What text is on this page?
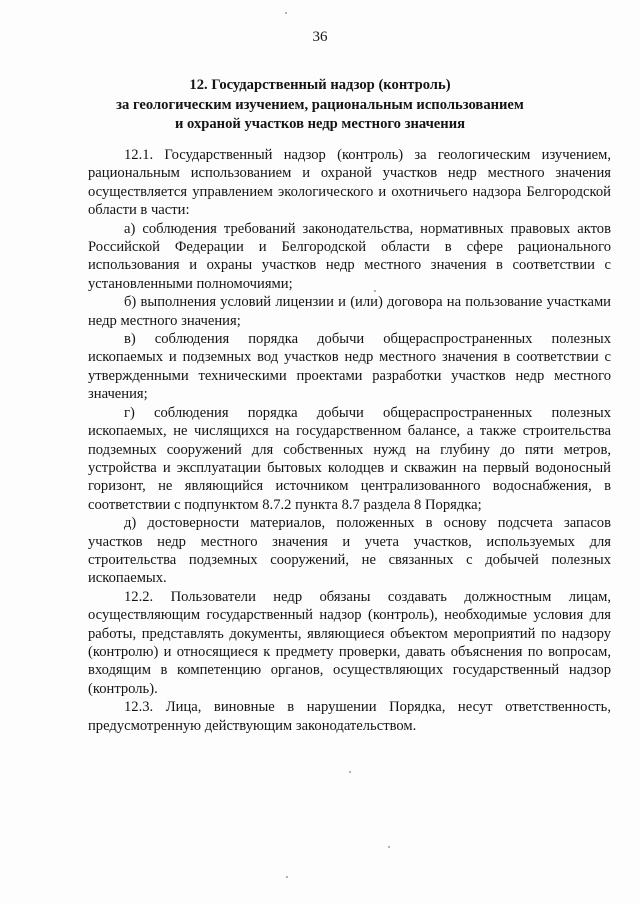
36
12. Государственный надзор (контроль)
за геологическим изучением, рациональным использованием
и охраной участков недр местного значения

12.1. Государственный надзор (контроль) за геологическим изучением, рациональным использованием и охраной участков недр местного значения осуществляется управлением экологического и охотничьего надзора Белгородской области в части:

а) соблюдения требований законодательства, нормативных правовых актов Российской Федерации и Белгородской области в сфере рационального использования и охраны участков недр местного значения в соответствии с установленными полномочиями;

б) выполнения условий лицензии и (или) договора на пользование участками недр местного значения;

в) соблюдения порядка добычи общераспространенных полезных ископаемых и подземных вод участков недр местного значения в соответствии с утвержденными техническими проектами разработки участков недр местного значения;

г) соблюдения порядка добычи общераспространенных полезных ископаемых, не числящихся на государственном балансе, а также строительства подземных сооружений для собственных нужд на глубину до пяти метров, устройства и эксплуатации бытовых колодцев и скважин на первый водоносный горизонт, не являющийся источником централизованного водоснабжения, в соответствии с подпунктом 8.7.2 пункта 8.7 раздела 8 Порядка;

д) достоверности материалов, положенных в основу подсчета запасов участков недр местного значения и учета участков, используемых для строительства подземных сооружений, не связанных с добычей полезных ископаемых.

12.2. Пользователи недр обязаны создавать должностным лицам, осуществляющим государственный надзор (контроль), необходимые условия для работы, представлять документы, являющиеся объектом мероприятий по надзору (контролю) и относящиеся к предмету проверки, давать объяснения по вопросам, входящим в компетенцию органов, осуществляющих государственный надзор (контроль).

12.3. Лица, виновные в нарушении Порядка, несут ответственность, предусмотренную действующим законодательством.
